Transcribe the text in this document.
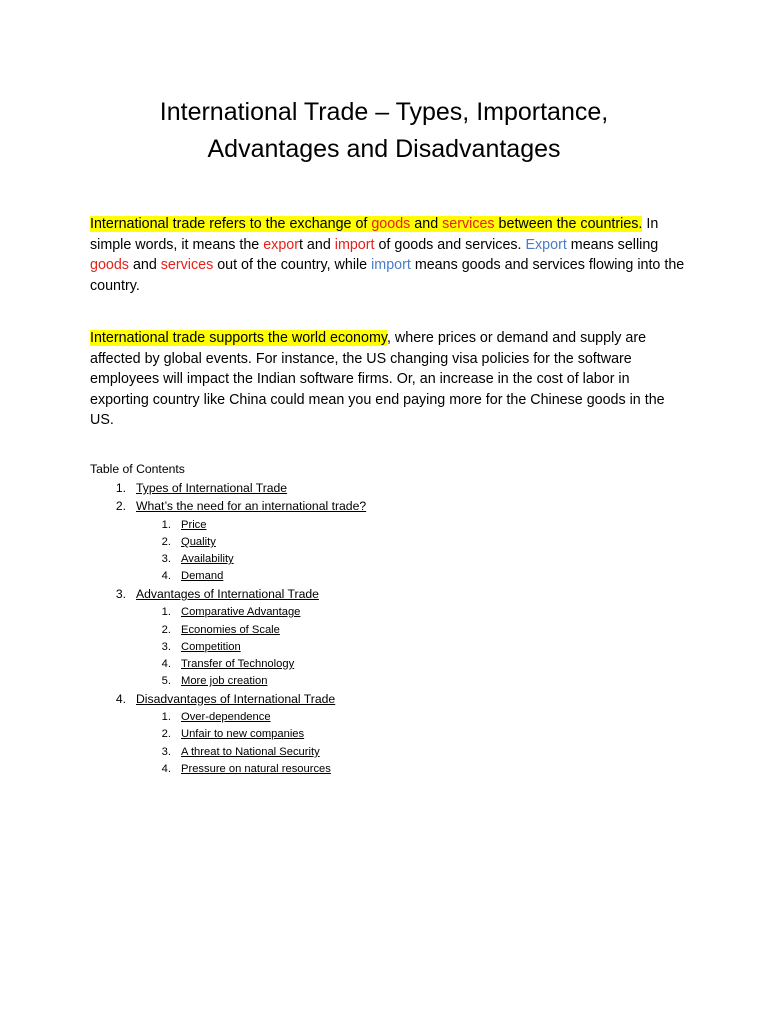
International Trade – Types, Importance,
Advantages and Disadvantages

International trade refers to the exchange of goods and services between the countries. In simple words, it means the export and import of goods and services. Export means selling goods and services out of the country, while import means goods and services flowing into the country.

International trade supports the world economy, where prices or demand and supply are affected by global events. For instance, the US changing visa policies for the software employees will impact the Indian software firms. Or, an increase in the cost of labor in exporting country like China could mean you end paying more for the Chinese goods in the US.

Table of Contents
1. Types of International Trade
2. What’s the need for an international trade?
1. Price
2. Quality
3. Availability
4. Demand
3. Advantages of International Trade
1. Comparative Advantage
2. Economies of Scale
3. Competition
4. Transfer of Technology
5. More job creation
4. Disadvantages of International Trade
1. Over-dependence
2. Unfair to new companies
3. A threat to National Security
4. Pressure on natural resources
